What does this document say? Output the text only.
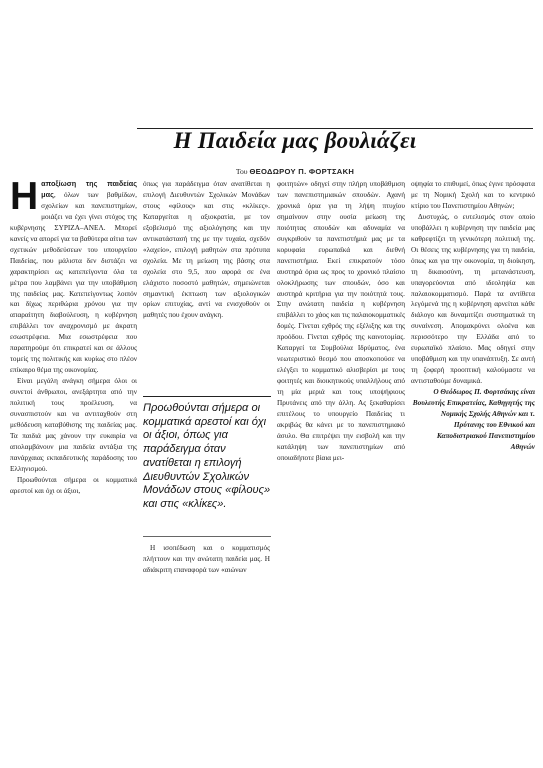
Η Παιδεία μας βουλιάζει
Του ΘΕΟΔΩΡΟΥ Π. ΦΟΡΤΣΑΚΗ

Ηαποξίωση της παιδείας μας, όλων των βαθμίδων, σχολείων και πανεπιστημίων, μοιάζει να έχει γίνει στόχος της κυβέρνησης ΣΥΡΙΖΑ–ΑΝΕΛ. Μπορεί κανείς να απορεί για τα βαθύτερα αίτια των σχετικών μεθοδεύσεων του υπουργείου Παιδείας, που μάλιστα δεν διστάζει να χαρακτηρίσει ως κατεπείγοντα όλα τα μέτρα που λαμβάνει για την υποβάθμιση της παιδείας μας. Κατεπείγοντως λοιπόν και δίχως περιθώρια χρόνου για την απαραίτητη διαβούλευση, η κυβέρνηση επιβάλλει τον αναχρονισμό με άκρατη εσωστρέφεια. Μια εσωστρέφεια που παρατηρούμε ότι επικρατεί και σε άλλους τομείς της πολιτικής και κυρίως στο πλέον επίκαιρο θέμα της οικονομίας.

Είναι μεγάλη ανάγκη σήμερα όλοι οι συνετοί άνθρωποι, ανεξάρτητα από την πολιτική τους προέλευση, να συνασπιστούν και να αντιταχθούν στη μεθόδευση καταβύθισης της παιδείας μας. Τα παιδιά μας χάνουν την ευκαιρία να απολαμβάνουν μια παιδεία αντάξια της πανάρχαιας εκπαιδευτικής παράδοσης του Ελληνισμού.

Προωθούνται σήμερα οι κομματικά αρεστοί και όχι οι άξιοι,

όπως για παράδειγμα όταν ανατίθεται η επιλογή Διευθυντών Σχολικών Μονάδων στους «φίλους» και στις «κλίκες». Καταργείται η αξιοκρατία, με τον εξοβελισμό της αξιολόγησης και την αντικατάστασή της με την τυχαία, σχεδόν «λαχείο», επιλογή μαθητών στα πρότυπα σχολεία. Με τη μείωση της βάσης στα σχολεία στο 9,5, που αφορά σε ένα ελάχιστο ποσοστό μαθητών, σημειώνεται σημαντική έκπτωση των αξιολογικών ορίων επιτυχίας, αντί να ενισχυθούν οι μαθητές που έχουν ανάγκη.

Προωθούνται σήμερα οι κομματικά αρεστοί και όχι οι άξιοι, όπως για παράδειγμα όταν ανατίθεται η επιλογή Διευθυντών Σχολικών Μονάδων στους «φίλους» και στις «κλίκες».

Η ισοπέδωση και ο κομματισμός πλήττουν και την ανώτατη παιδεία μας. Η αδιάκριτη επαναφορά των «αιώνων

φοιτητών» οδηγεί στην πλήρη υποβάθμιση των πανεπιστημιακών σπουδών. Αχανή χρονικά όρια για τη λήψη πτυχίου σημαίνουν στην ουσία μείωση της ποιότητας σπουδών και αδυναμία να συγκριθούν τα πανεπιστήμιά μας με τα κορυφαία ευρωπαϊκά και διεθνή πανεπιστήμια. Εκεί επικρατούν τόσο αυστηρά όρια ως προς το χρονικό πλαίσιο ολοκλήρωσης των σπουδών, όσο και αυστηρά κριτήρια για την ποιότητά τους. Στην ανώτατη παιδεία η κυβέρνηση επιβάλλει το χάος και τις παλαιοκομματικές δομές. Γίνεται εχθρός της εξέλιξης και της προόδου. Γίνεται εχθρός της καινοτομίας. Καταργεί τα Συμβούλια Ιδρύματος, ένα νεωτεριστικό θεσμό που αποσκοπούσε να ελέγξει το κομματικό αλισβερίσι με τους φοιτητές και διοικητικούς υπαλλήλους από τη μία μεριά και τους υποψήφιους Πρυτάνεις από την άλλη. Ας ξεκαθαρίσει επιτέλους το υπουργείο Παιδείας τι ακριβώς θα κάνει με το πανεπιστημιακό άσυλο. Θα επιτρέψει την εισβολή και την κατάληψη των πανεπιστημίων από οποιαδήποτε βίαια μει-

οψηφία το επιθυμεί, όπως έγινε πρόσφατα με τη Νομική Σχολή και το κεντρικό κτίριο του Πανεπιστημίου Αθηνών;

Δυστυχώς, ο ευτελισμός στον οποίο υποβάλλει η κυβέρνηση την παιδεία μας καθρεφτίζει τη γενικότερη πολιτική της. Οι θέσεις της κυβέρνησης για τη παιδεία, όπως και για την οικονομία, τη διοίκηση, τη δικαιοσύνη, τη μετανάστευση, υπαγορεύονται από ιδεοληψία και παλαιοκομματισμό. Παρά τα αντίθετα λεγόμενά της η κυβέρνηση αρνείται κάθε διάλογο και δυναμιτίζει συστηματικά τη συναίνεση. Απομακρύνει ολοένα και περισσότερο την Ελλάδα από το ευρωπαϊκό πλαίσιο. Μας οδηγεί στην υποβάθμιση και την υπανάπτυξη. Σε αυτή τη ζοφερή προοπτική καλούμαστε να αντισταθούμε δυναμικά.

Ο Θεόδωρος Π. Φορτσάκης είναι Βουλευτής Επικρατείας, Καθηγητής της Νομικής Σχολής Αθηνών και τ. Πρύτανης του Εθνικού και Καποδιστριακού Πανεπιστημίου Αθηνών
